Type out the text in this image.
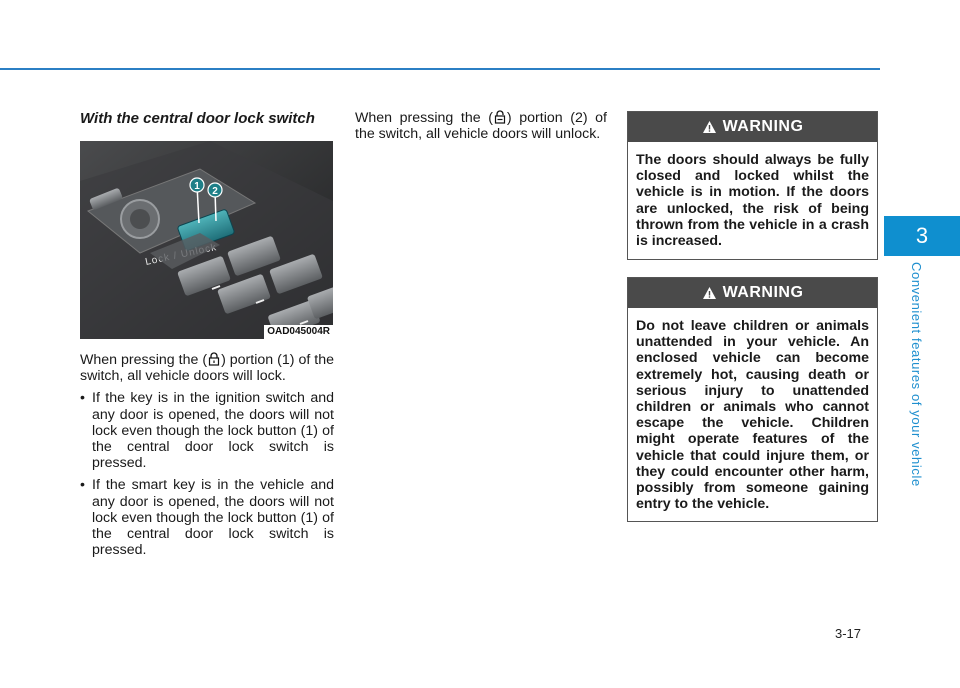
3
Convenient features of your vehicle

With the central door lock switch

1 2
Lock
OAD045004R

When pressing the ( ) portion (1) of the switch, all vehicle doors will lock.

• If the key is in the ignition switch and any door is opened, the doors will not lock even though the lock button (1) of the central door lock switch is pressed.
• If the smart key is in the vehicle and any door is opened, the doors will not lock even though the lock button (1) of the central door lock switch is pressed.

When pressing the ( ) portion (2) of the switch, all vehicle doors will unlock.	WARNING
The doors should always be fully closed and locked whilst the vehicle is in motion. If the doors are unlocked, the risk of being thrown from the vehicle in a crash is increased.
WARNING
Do not leave children or animals unattended in your vehicle. An enclosed vehicle can become extremely hot, causing death or serious injury to unattended children or animals who cannot escape the vehicle. Children might operate features of the vehicle that could injure them, or they could encounter other harm, possibly from someone gaining entry to the vehicle.
3-17
